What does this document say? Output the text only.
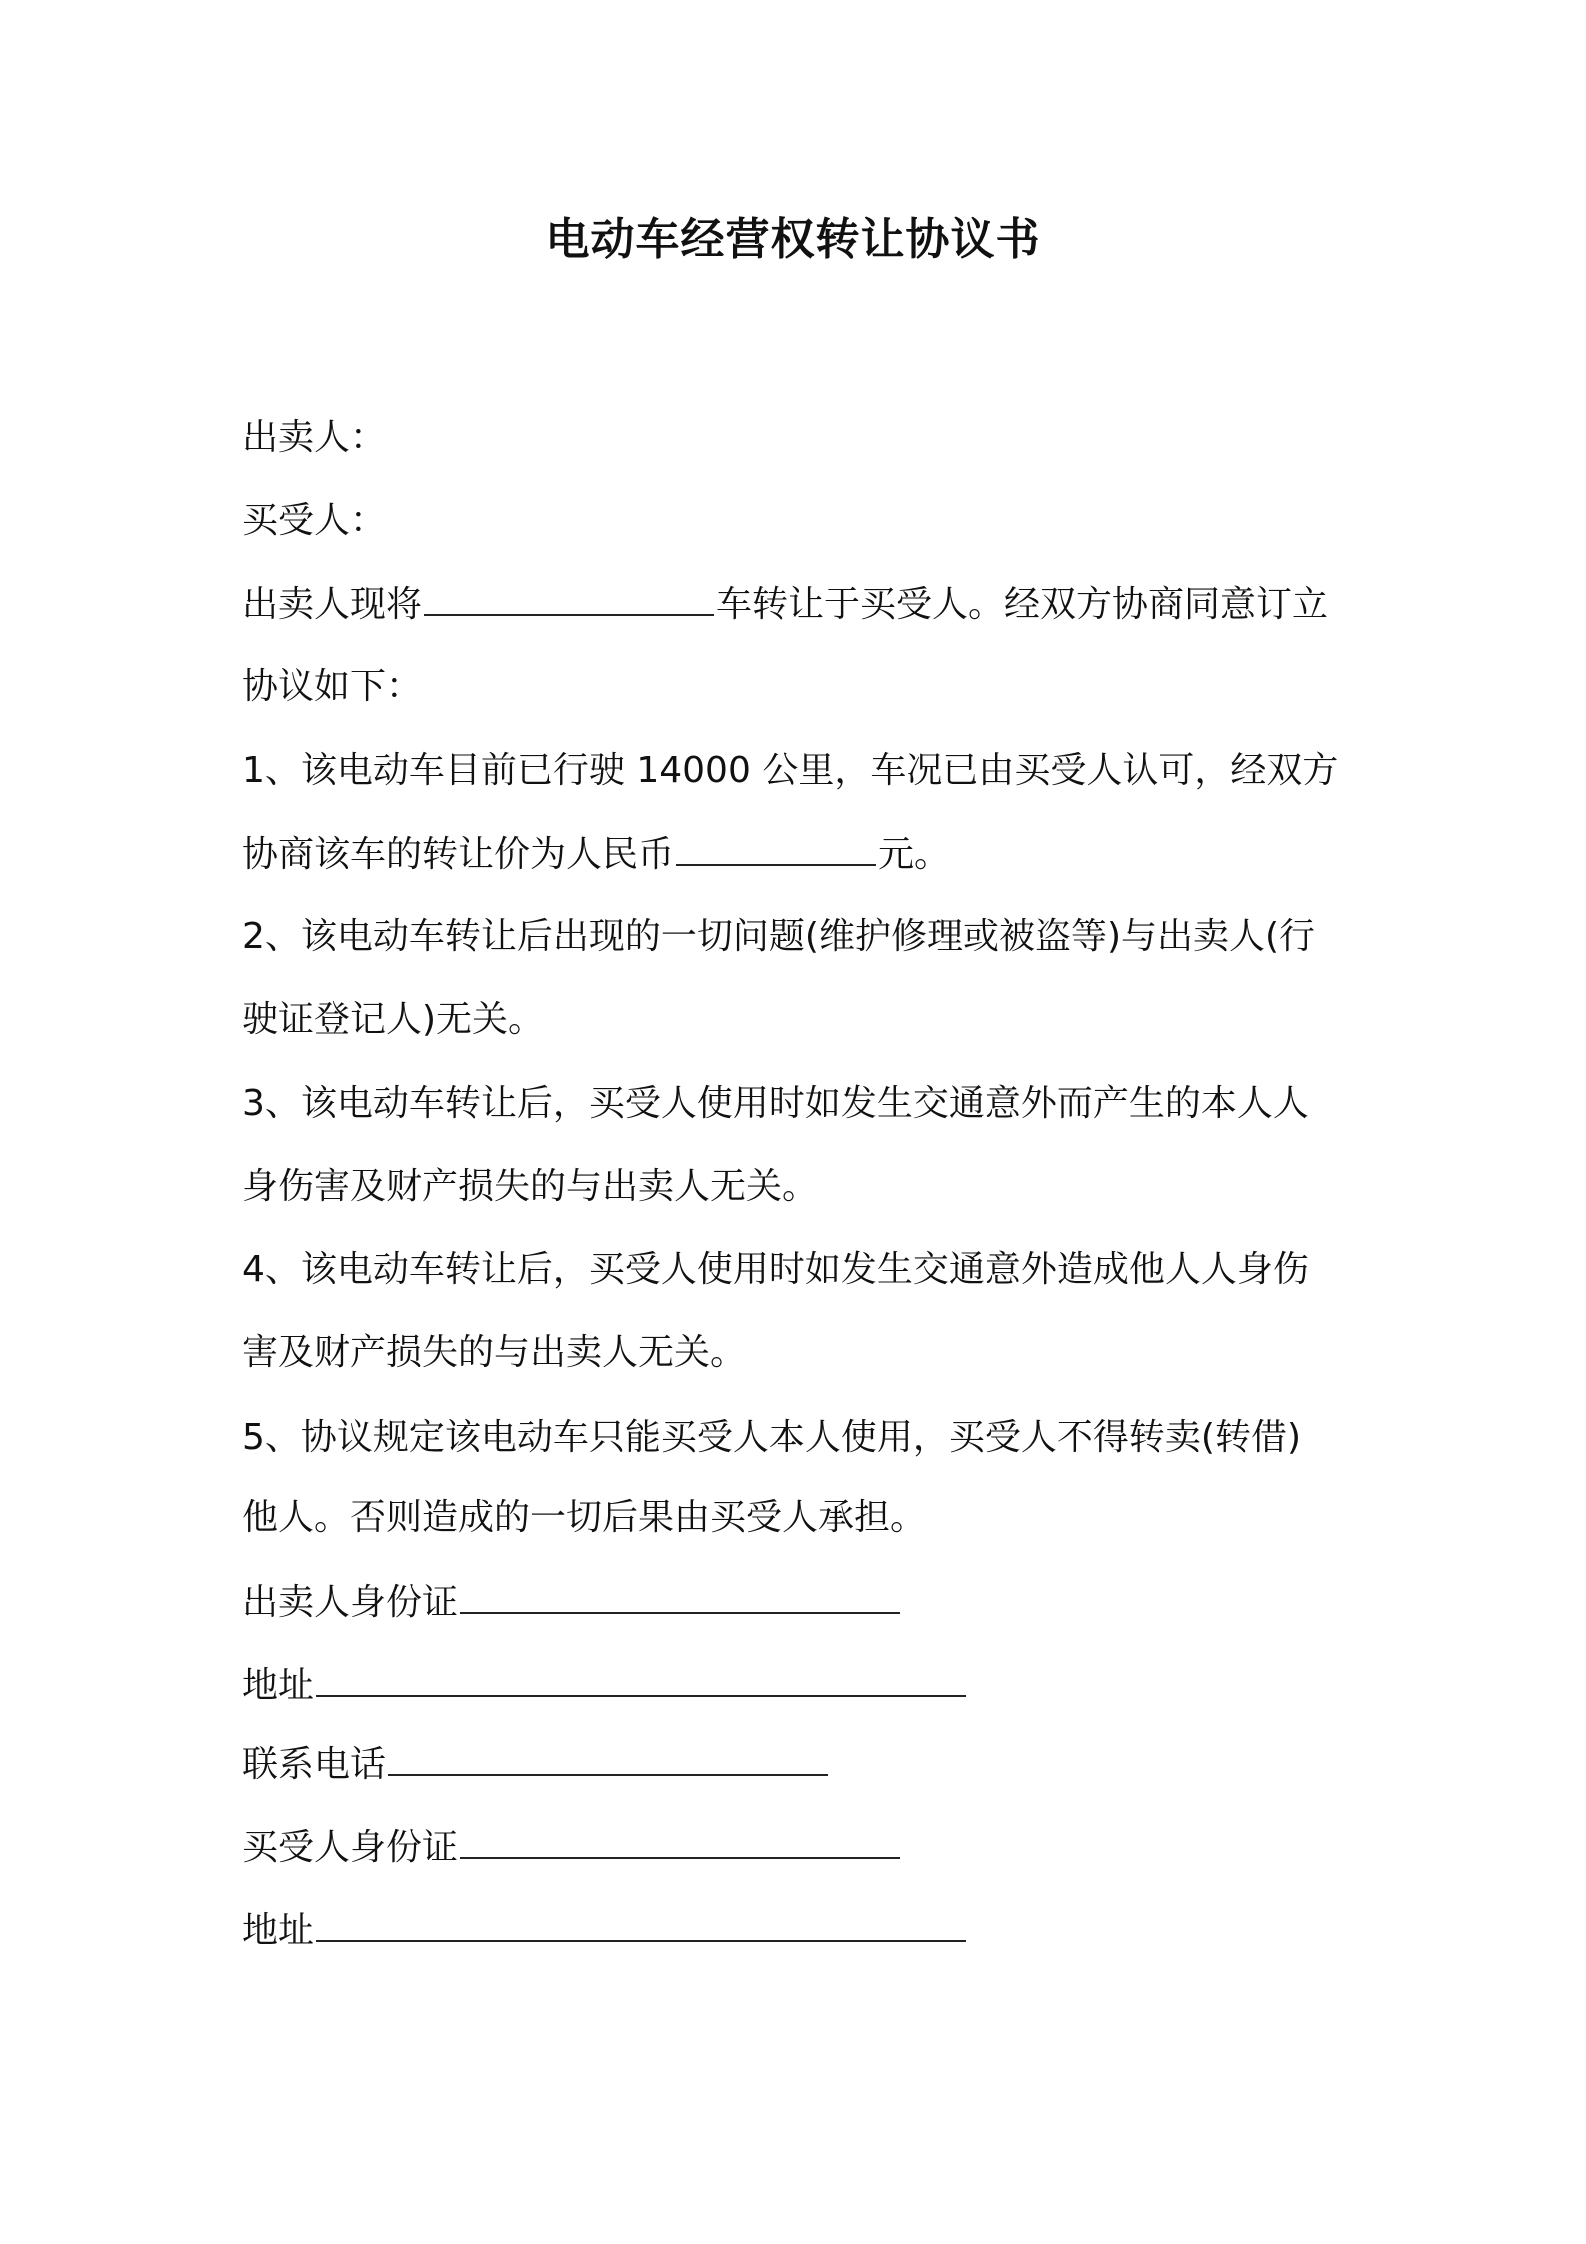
电动车经营权转让协议书
出卖人：
买受人：
出卖人现将	车转让于买受人。经双方协商同意订立
协议如下：
1、该电动车目前已行驶 14000 公里，车况已由买受人认可，经双方
协商该车的转让价为人民币	元。
2、该电动车转让后出现的一切问题(维护修理或被盗等)与出卖人(行
驶证登记人)无关。
3、该电动车转让后，买受人使用时如发生交通意外而产生的本人人
身伤害及财产损失的与出卖人无关。
4、该电动车转让后，买受人使用时如发生交通意外造成他人人身伤
害及财产损失的与出卖人无关。
5、协议规定该电动车只能买受人本人使用，买受人不得转卖(转借)
他人。否则造成的一切后果由买受人承担。
出卖人身份证
地址
联系电话
买受人身份证
地址
